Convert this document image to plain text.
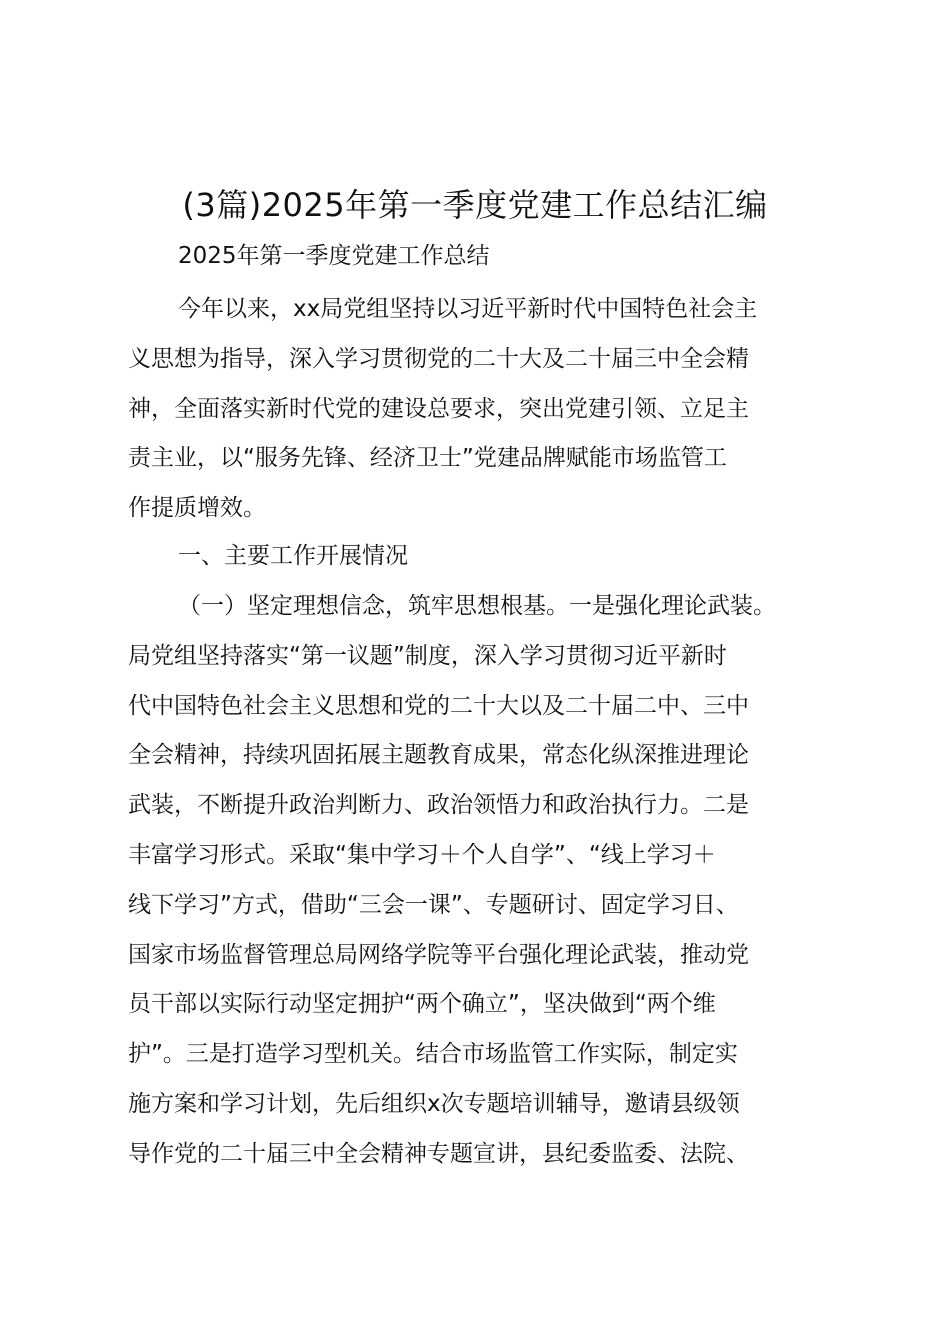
(3篇)2025年第一季度党建工作总结汇编
2025年第一季度党建工作总结
今年以来，xx局党组坚持以习近平新时代中国特色社会主
义思想为指导，深入学习贯彻党的二十大及二十届三中全会精
神，全面落实新时代党的建设总要求，突出党建引领、立足主
责主业，以“服务先锋、经济卫士”党建品牌赋能市场监管工
作提质增效。
一、主要工作开展情况
（一）坚定理想信念，筑牢思想根基。一是强化理论武装。
局党组坚持落实“第一议题”制度，深入学习贯彻习近平新时
代中国特色社会主义思想和党的二十大以及二十届二中、三中
全会精神，持续巩固拓展主题教育成果，常态化纵深推进理论
武装，不断提升政治判断力、政治领悟力和政治执行力。二是
丰富学习形式。采取“集中学习＋个人自学”、“线上学习＋
线下学习”方式，借助“三会一课”、专题研讨、固定学习日、
国家市场监督管理总局网络学院等平台强化理论武装，推动党
员干部以实际行动坚定拥护“两个确立”，坚决做到“两个维
护”。三是打造学习型机关。结合市场监管工作实际，制定实
施方案和学习计划，先后组织x次专题培训辅导，邀请县级领
导作党的二十届三中全会精神专题宣讲，县纪委监委、法院、
